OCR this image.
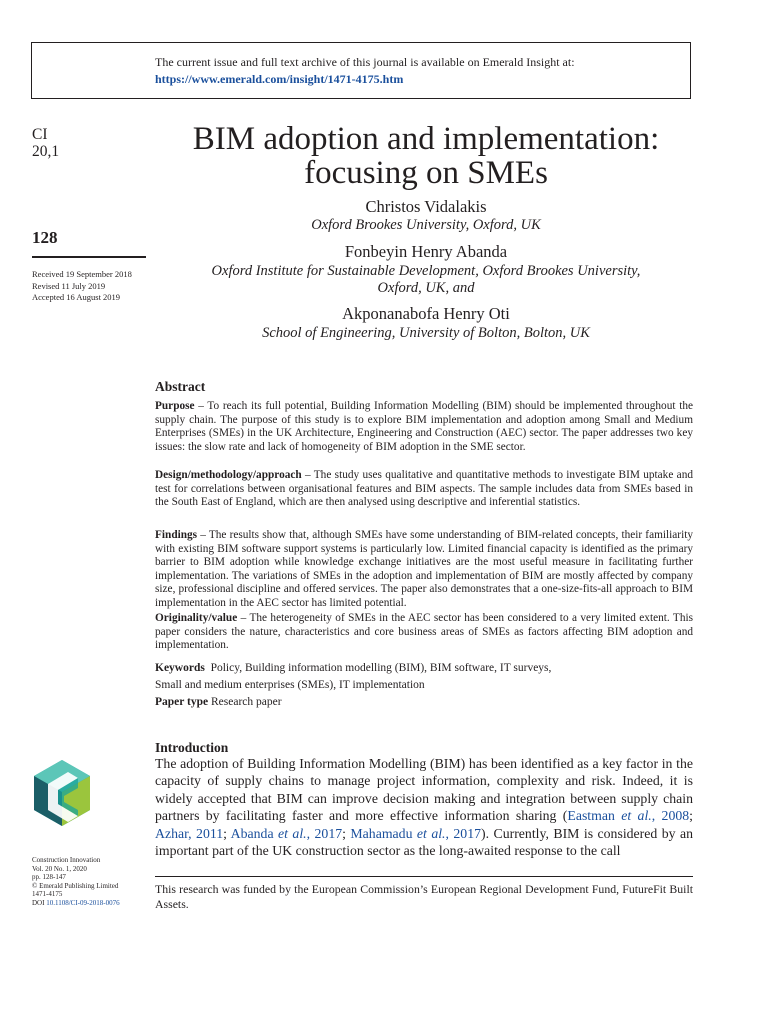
The current issue and full text archive of this journal is available on Emerald Insight at:
https://www.emerald.com/insight/1471-4175.htm
CI
20,1
128
Received 19 September 2018
Revised 11 July 2019
Accepted 16 August 2019
BIM adoption and implementation:
focusing on SMEs
Christos Vidalakis
Oxford Brookes University, Oxford, UK
Fonbeyin Henry Abanda
Oxford Institute for Sustainable Development, Oxford Brookes University,
Oxford, UK, and
Akponanabofa Henry Oti
School of Engineering, University of Bolton, Bolton, UK
Abstract
Purpose – To reach its full potential, Building Information Modelling (BIM) should be implemented throughout the supply chain. The purpose of this study is to explore BIM implementation and adoption among Small and Medium Enterprises (SMEs) in the UK Architecture, Engineering and Construction (AEC) sector. The paper addresses two key issues: the slow rate and lack of homogeneity of BIM adoption in the SME sector.
Design/methodology/approach – The study uses qualitative and quantitative methods to investigate BIM uptake and test for correlations between organisational features and BIM aspects. The sample includes data from SMEs based in the South East of England, which are then analysed using descriptive and inferential statistics.
Findings – The results show that, although SMEs have some understanding of BIM-related concepts, their familiarity with existing BIM software support systems is particularly low. Limited financial capacity is identified as the primary barrier to BIM adoption while knowledge exchange initiatives are the most useful measure in facilitating further implementation. The variations of SMEs in the adoption and implementation of BIM are mostly affected by company size, professional discipline and offered services. The paper also demonstrates that a one-size-fits-all approach to BIM implementation in the AEC sector has limited potential.
Originality/value – The heterogeneity of SMEs in the AEC sector has been considered to a very limited extent. This paper considers the nature, characteristics and core business areas of SMEs as factors affecting BIM adoption and implementation.
Keywords Policy, Building information modelling (BIM), BIM software, IT surveys,
Small and medium enterprises (SMEs), IT implementation
Paper type Research paper
Introduction
The adoption of Building Information Modelling (BIM) has been identified as a key factor in the capacity of supply chains to manage project information, complexity and risk. Indeed, it is widely accepted that BIM can improve decision making and integration between supply chain partners by facilitating faster and more effective information sharing (Eastman et al., 2008; Azhar, 2011; Abanda et al., 2017; Mahamadu et al., 2017). Currently, BIM is considered by an important part of the UK construction sector as the long-awaited response to the call
This research was funded by the European Commission’s European Regional Development Fund, FutureFit Built Assets.
Construction Innovation
Vol. 20 No. 1, 2020
pp. 128-147
© Emerald Publishing Limited
1471-4175
DOI 10.1108/CI-09-2018-0076
